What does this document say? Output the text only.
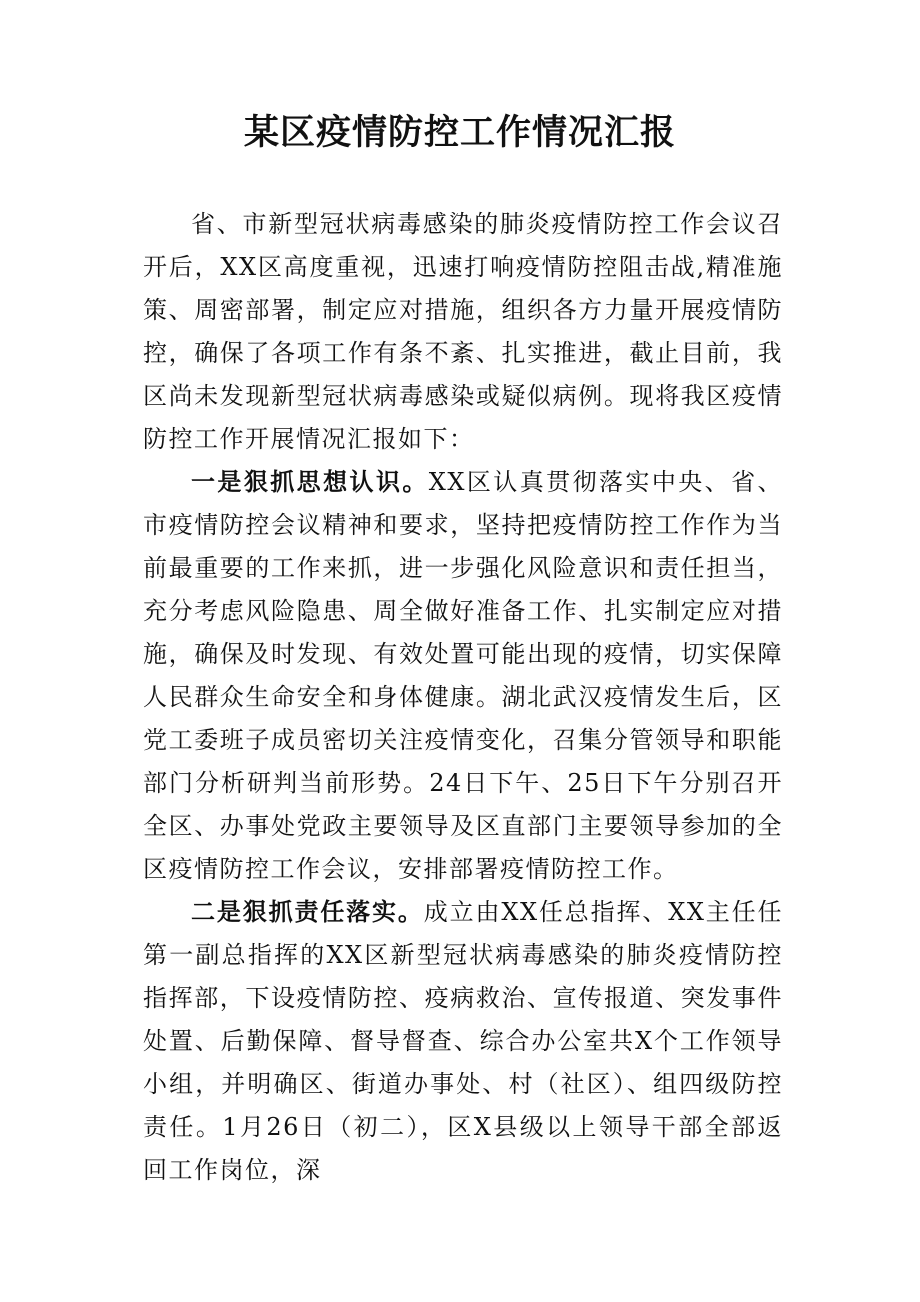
某区疫情防控工作情况汇报

省、市新型冠状病毒感染的肺炎疫情防控工作会议召开后，XX区高度重视，迅速打响疫情防控阻击战,精准施策、周密部署，制定应对措施，组织各方力量开展疫情防控，确保了各项工作有条不紊、扎实推进，截止目前，我区尚未发现新型冠状病毒感染或疑似病例。现将我区疫情防控工作开展情况汇报如下：

一是狠抓思想认识。XX区认真贯彻落实中央、省、市疫情防控会议精神和要求，坚持把疫情防控工作作为当前最重要的工作来抓，进一步强化风险意识和责任担当，充分考虑风险隐患、周全做好准备工作、扎实制定应对措施，确保及时发现、有效处置可能出现的疫情，切实保障人民群众生命安全和身体健康。湖北武汉疫情发生后，区党工委班子成员密切关注疫情变化，召集分管领导和职能部门分析研判当前形势。24日下午、25日下午分别召开全区、办事处党政主要领导及区直部门主要领导参加的全区疫情防控工作会议，安排部署疫情防控工作。

二是狠抓责任落实。成立由XX任总指挥、XX主任任第一副总指挥的XX区新型冠状病毒感染的肺炎疫情防控指挥部，下设疫情防控、疫病救治、宣传报道、突发事件处置、后勤保障、督导督查、综合办公室共X个工作领导小组，并明确区、街道办事处、村（社区）、组四级防控责任。1月26日（初二），区X县级以上领导干部全部返回工作岗位，深
